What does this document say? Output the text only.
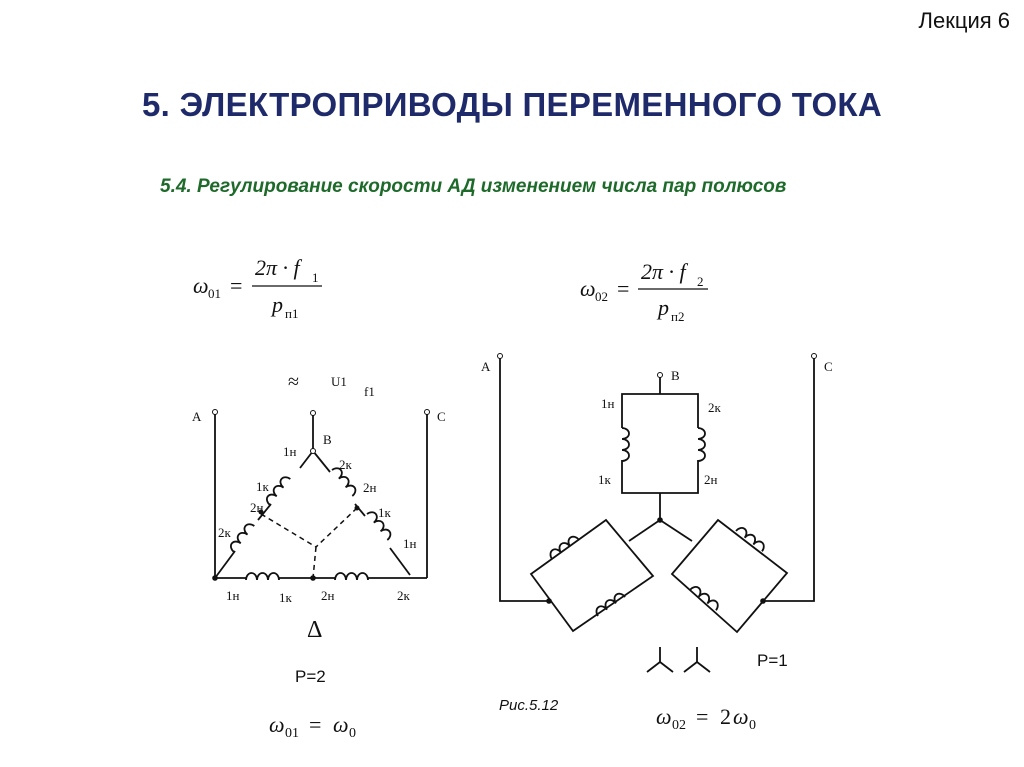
Лекция 6
5. ЭЛЕКТРОПРИВОДЫ ПЕРЕМЕННОГО ТОКА
5.4. Регулирование скорости АД изменением числа пар полюсов
ω 01 =
2π · f 1
p п1
ω 02 =
2π · f 2
p п2
≈ U1
f1
A
B
C
1н
2к
1к	2н
2к
2н	1к
1н
1н	1к 2н	2к
Δ
ω 01 = ω 0
A
B
C
1н	2к
1к	2н
ω 02 = 2 ω 0
P=2
P=1
Рис.5.12
